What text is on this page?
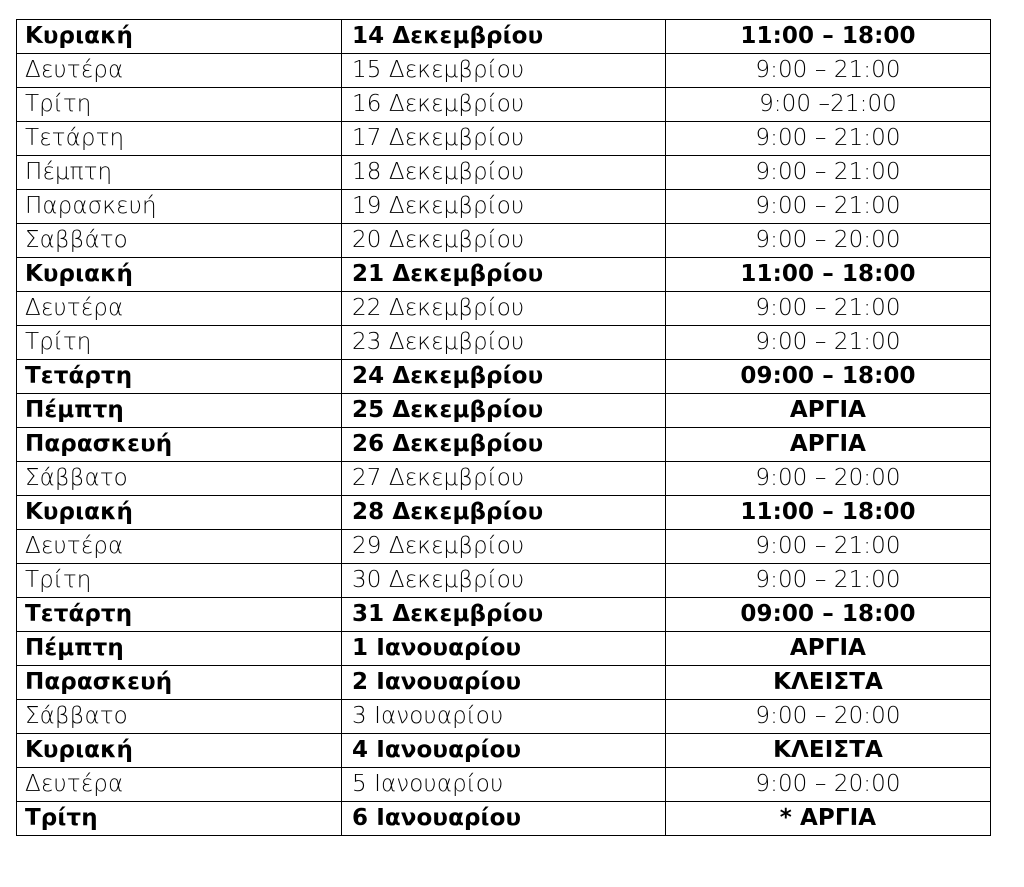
Κυριακή	14 Δεκεμβρίου	11:00 – 18:00
Δευτέρα	15 Δεκεμβρίου	9:00 – 21:00
Τρίτη	16 Δεκεμβρίου	9:00 –21:00
Τετάρτη	17 Δεκεμβρίου	9:00 – 21:00
Πέμπτη	18 Δεκεμβρίου	9:00 – 21:00
Παρασκευή	19 Δεκεμβρίου	9:00 – 21:00
Σαββάτο	20 Δεκεμβρίου	9:00 – 20:00
Κυριακή	21 Δεκεμβρίου	11:00 – 18:00
Δευτέρα	22 Δεκεμβρίου	9:00 – 21:00
Τρίτη	23 Δεκεμβρίου	9:00 – 21:00
Τετάρτη	24 Δεκεμβρίου	09:00 – 18:00
Πέμπτη	25 Δεκεμβρίου	ΑΡΓΙΑ
Παρασκευή	26 Δεκεμβρίου	ΑΡΓΙΑ
Σάββατο	27 Δεκεμβρίου	9:00 – 20:00
Κυριακή	28 Δεκεμβρίου	11:00 – 18:00
Δευτέρα	29 Δεκεμβρίου	9:00 – 21:00
Τρίτη	30 Δεκεμβρίου	9:00 – 21:00
Τετάρτη	31 Δεκεμβρίου	09:00 – 18:00
Πέμπτη	1 Ιανουαρίου	ΑΡΓΙΑ
Παρασκευή	2 Ιανουαρίου	ΚΛΕΙΣΤΑ
Σάββατο	3 Ιανουαρίου	9:00 – 20:00
Κυριακή	4 Ιανουαρίου	ΚΛΕΙΣΤΑ
Δευτέρα	5 Ιανουαρίου	9:00 – 20:00
Τρίτη	6 Ιανουαρίου	* ΑΡΓΙΑ
